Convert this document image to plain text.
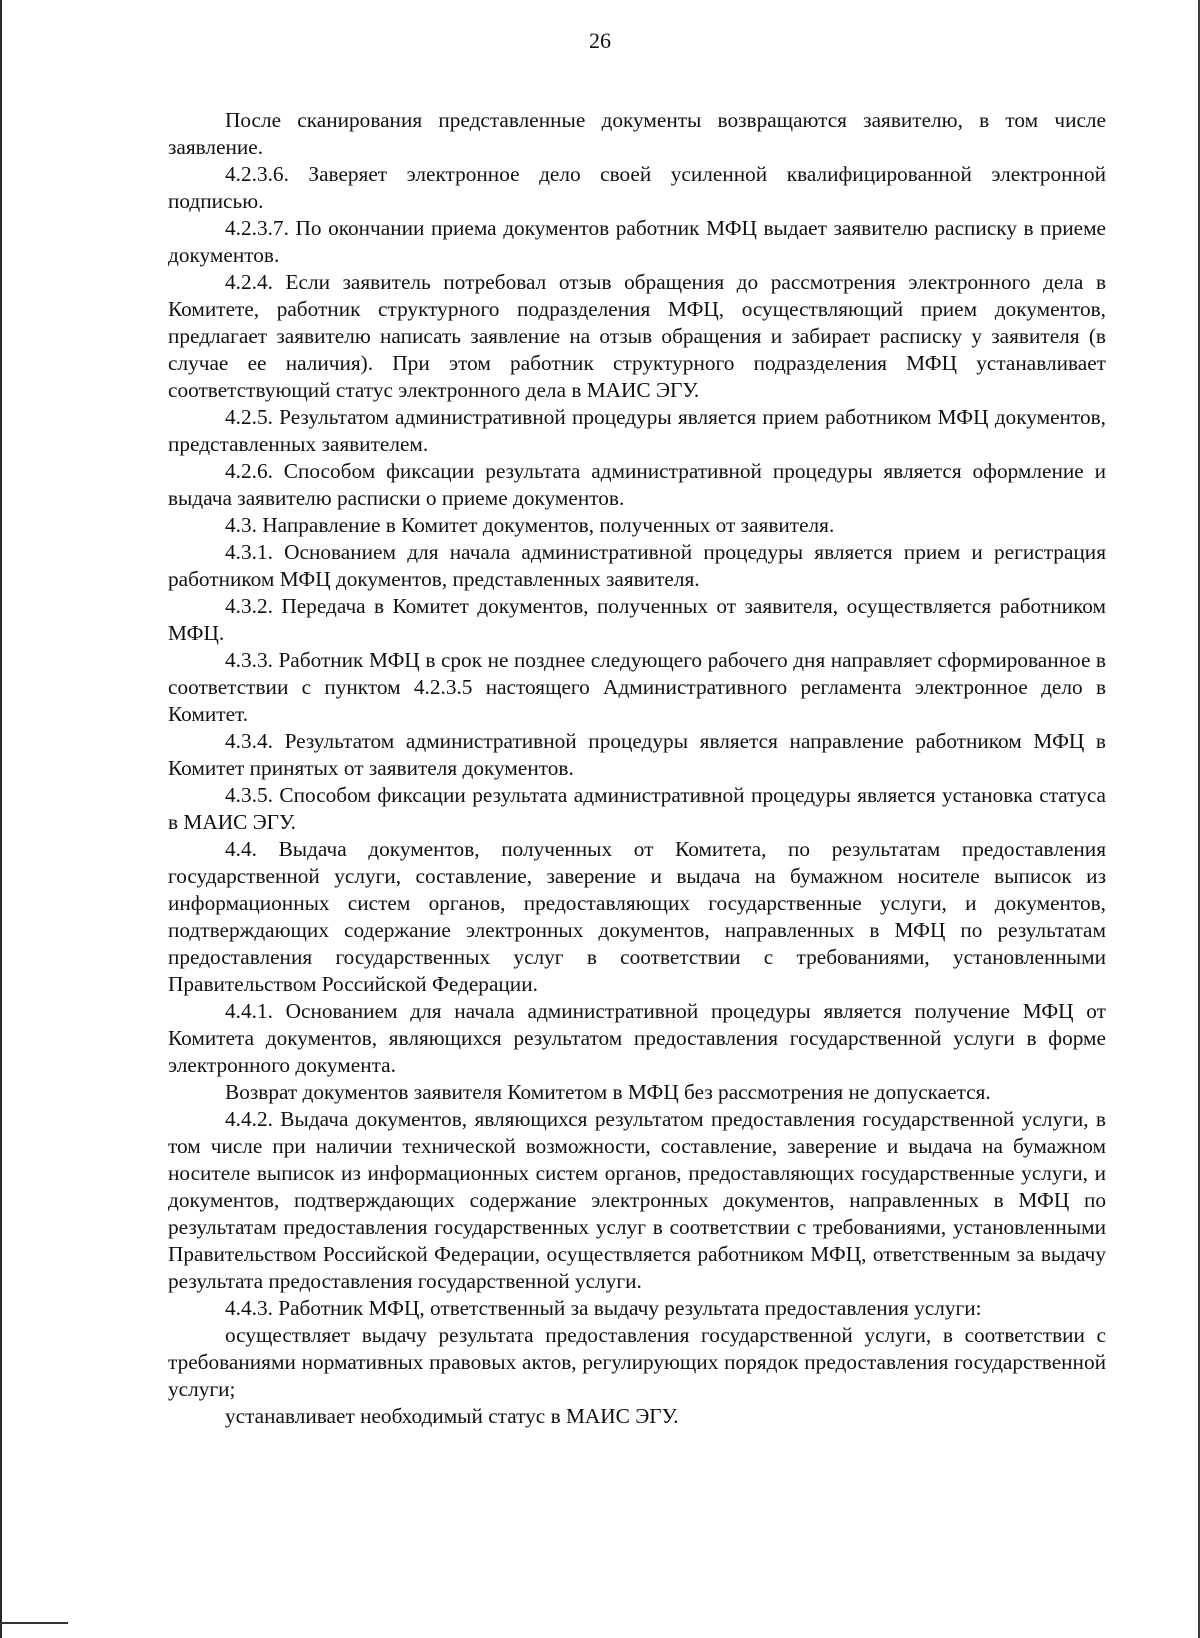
26

После сканирования представленные документы возвращаются заявителю, в том числе заявление.

4.2.3.6. Заверяет электронное дело своей усиленной квалифицированной электронной подписью.

4.2.3.7. По окончании приема документов работник МФЦ выдает заявителю расписку в приеме документов.

4.2.4. Если заявитель потребовал отзыв обращения до рассмотрения электронного дела в Комитете, работник структурного подразделения МФЦ, осуществляющий прием документов, предлагает заявителю написать заявление на отзыв обращения и забирает расписку у заявителя (в случае ее наличия). При этом работник структурного подразделения МФЦ устанавливает соответствующий статус электронного дела в МАИС ЭГУ.

4.2.5. Результатом административной процедуры является прием работником МФЦ документов, представленных заявителем.

4.2.6. Способом фиксации результата административной процедуры является оформление и выдача заявителю расписки о приеме документов.

4.3. Направление в Комитет документов, полученных от заявителя.

4.3.1. Основанием для начала административной процедуры является прием и регистрация работником МФЦ документов, представленных заявителя.

4.3.2. Передача в Комитет документов, полученных от заявителя, осуществляется работником МФЦ.

4.3.3. Работник МФЦ в срок не позднее следующего рабочего дня направляет сформированное в соответствии с пунктом 4.2.3.5 настоящего Административного регламента электронное дело в Комитет.

4.3.4. Результатом административной процедуры является направление работником МФЦ в Комитет принятых от заявителя документов.

4.3.5. Способом фиксации результата административной процедуры является установка статуса в МАИС ЭГУ.

4.4. Выдача документов, полученных от Комитета, по результатам предоставления государственной услуги, составление, заверение и выдача на бумажном носителе выписок из информационных систем органов, предоставляющих государственные услуги, и документов, подтверждающих содержание электронных документов, направленных в МФЦ по результатам предоставления государственных услуг в соответствии с требованиями, установленными Правительством Российской Федерации.

4.4.1. Основанием для начала административной процедуры является получение МФЦ от Комитета документов, являющихся результатом предоставления государственной услуги в форме электронного документа.

Возврат документов заявителя Комитетом в МФЦ без рассмотрения не допускается.

4.4.2. Выдача документов, являющихся результатом предоставления государственной услуги, в том числе при наличии технической возможности, составление, заверение и выдача на бумажном носителе выписок из информационных систем органов, предоставляющих государственные услуги, и документов, подтверждающих содержание электронных документов, направленных в МФЦ по результатам предоставления государственных услуг в соответствии с требованиями, установленными Правительством Российской Федерации, осуществляется работником МФЦ, ответственным за выдачу результата предоставления государственной услуги.

4.4.3. Работник МФЦ, ответственный за выдачу результата предоставления услуги:

осуществляет выдачу результата предоставления государственной услуги, в соответствии с требованиями нормативных правовых актов, регулирующих порядок предоставления государственной услуги;

устанавливает необходимый статус в МАИС ЭГУ.
